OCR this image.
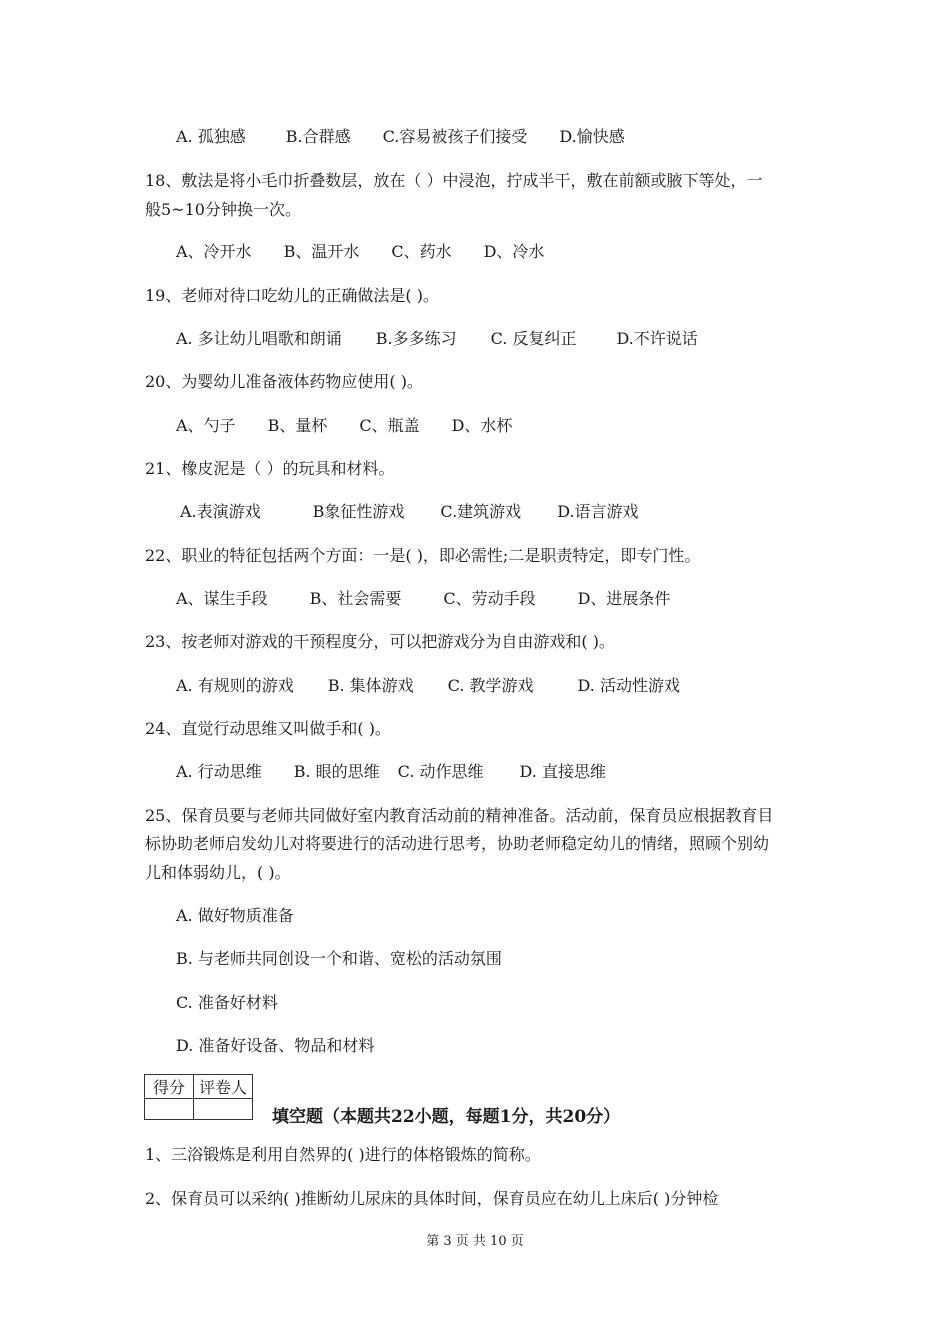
A. 孤独感	B.合群感 C.容易被孩子们接受 D.愉快感
18、敷法是将小毛巾折叠数层，放在（ ）中浸泡，拧成半干，敷在前额或腋下等处，一
般5~10分钟换一次。
A、冷开水 B、温开水 C、药水 D、冷水
19、老师对待口吃幼儿的正确做法是( )。
A. 多让幼儿唱歌和朗诵 B.多多练习 C. 反复纠正	D.不许说话
20、为婴幼儿准备液体药物应使用( )。
A、勺子 B、量杯 C、瓶盖 D、水杯
21、橡皮泥是（ ）的玩具和材料。
A.表演游戏	B象征性游戏 C.建筑游戏 D.语言游戏
22、职业的特征包括两个方面：一是( )，即必需性;二是职责特定，即专门性。
A、谋生手段	B、社会需要	C、劳动手段	D、进展条件
23、按老师对游戏的干预程度分，可以把游戏分为自由游戏和( )。
A. 有规则的游戏 B. 集体游戏 C. 教学游戏	D. 活动性游戏
24、直觉行动思维又叫做手和( )。
A. 行动思维 B. 眼的思维 C. 动作思维 D. 直接思维
25、保育员要与老师共同做好室内教育活动前的精神准备。活动前，保育员应根据教育目
标协助老师启发幼儿对将要进行的活动进行思考，协助老师稳定幼儿的情绪，照顾个别幼
儿和体弱幼儿，( )。
A. 做好物质准备
B. 与老师共同创设一个和谐、宽松的活动氛围
C. 准备好材料
D. 准备好设备、物品和材料
得分	评卷人

填空题（本题共22小题，每题1分，共20分）
1、三浴锻炼是利用自然界的( )进行的体格锻炼的简称。
2、保育员可以采纳( )推断幼儿尿床的具体时间，保育员应在幼儿上床后( )分钟检
第 3 页 共 10 页
